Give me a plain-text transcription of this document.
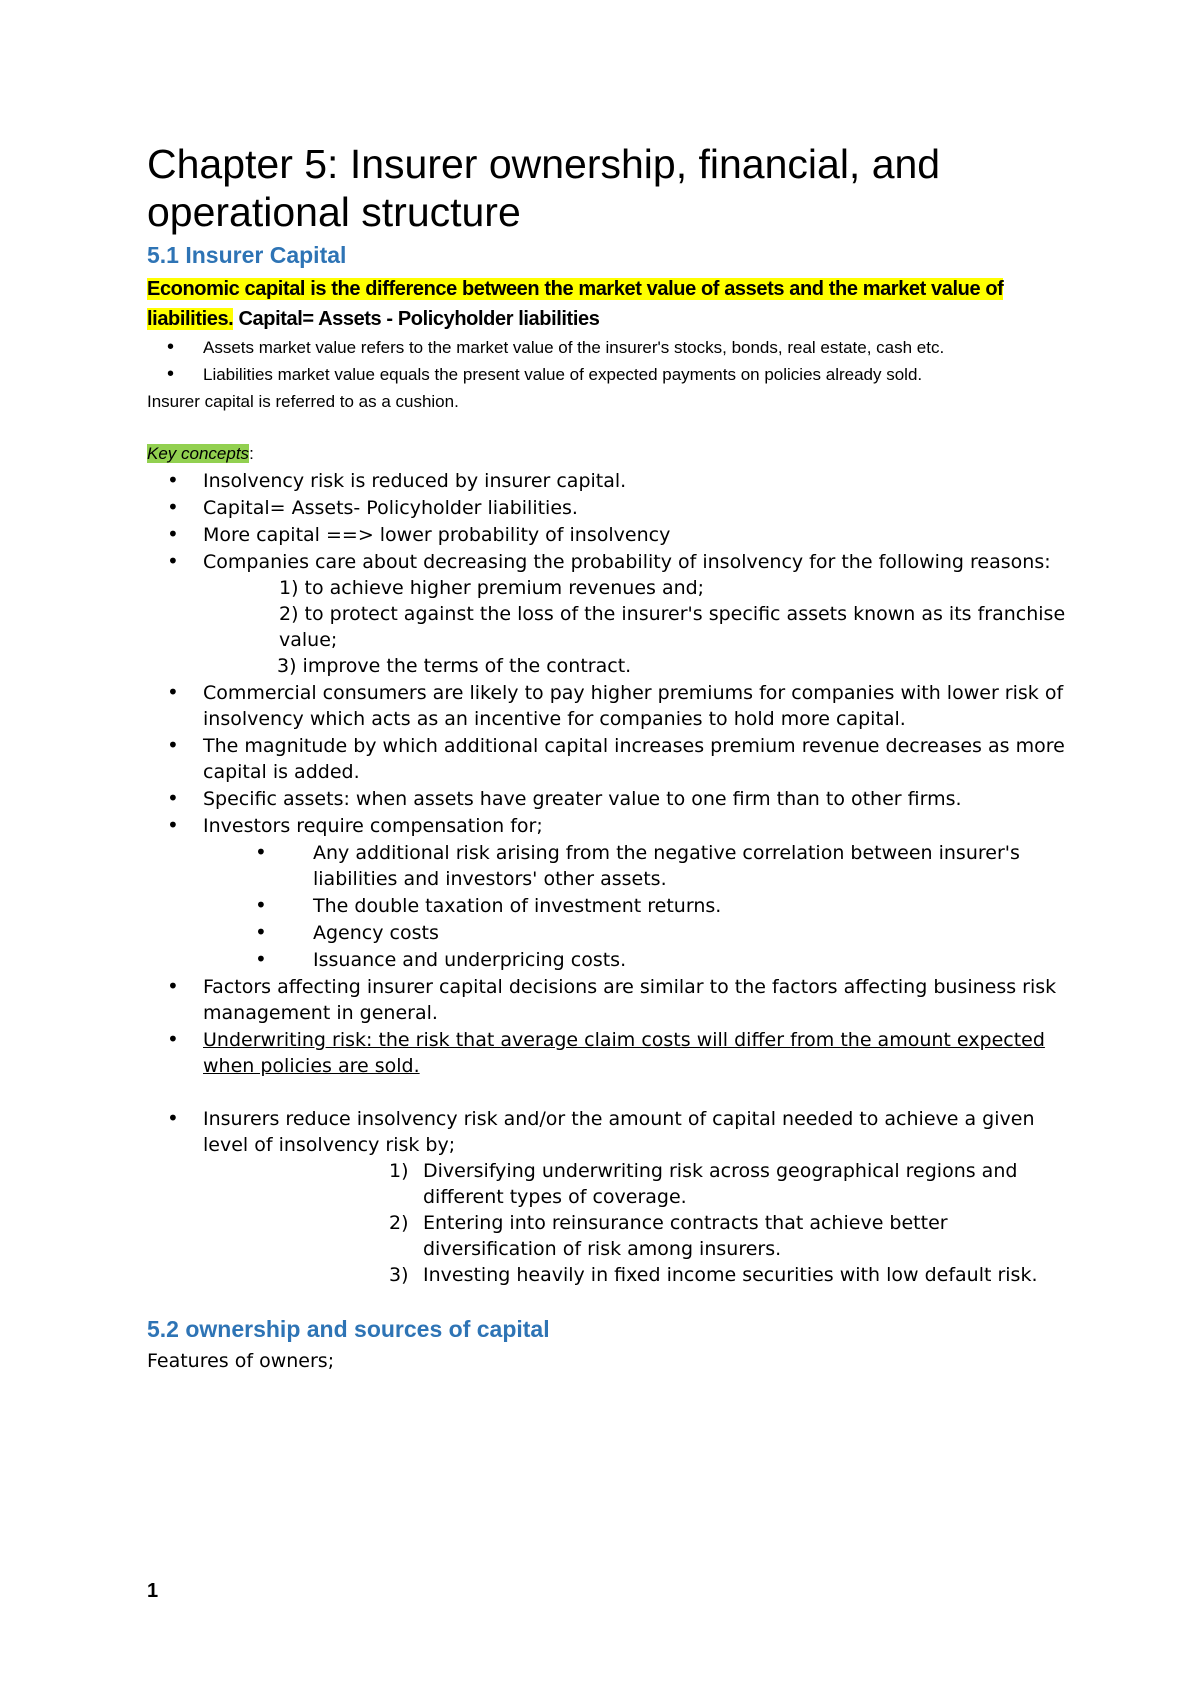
Chapter 5: Insurer ownership, financial, and operational structure
5.1 Insurer Capital
Economic capital is the difference between the market value of assets and the market value of liabilities. Capital= Assets - Policyholder liabilities
• Assets market value refers to the market value of the insurer's stocks, bonds, real estate, cash etc.
• Liabilities market value equals the present value of expected payments on policies already sold.

Insurer capital is referred to as a cushion.

Key concepts:
• Insolvency risk is reduced by insurer capital.
• Capital= Assets- Policyholder liabilities.
• More capital ==> lower probability of insolvency
• Companies care about decreasing the probability of insolvency for the following reasons:
1) to achieve higher premium revenues and;
2) to protect against the loss of the insurer's specific assets known as its franchise value;
3) improve the terms of the contract.
• Commercial consumers are likely to pay higher premiums for companies with lower risk of insolvency which acts as an incentive for companies to hold more capital.
• The magnitude by which additional capital increases premium revenue decreases as more capital is added.
• Specific assets: when assets have greater value to one firm than to other firms.
• Investors require compensation for;
• Any additional risk arising from the negative correlation between insurer's liabilities and investors' other assets.
• The double taxation of investment returns.
• Agency costs
• Issuance and underpricing costs.
• Factors affecting insurer capital decisions are similar to the factors affecting business risk management in general.
• Underwriting risk: the risk that average claim costs will differ from the amount expected when policies are sold.
• Insurers reduce insolvency risk and/or the amount of capital needed to achieve a given level of insolvency risk by;
1) Diversifying underwriting risk across geographical regions and different types of coverage.
2) Entering into reinsurance contracts that achieve better diversification of risk among insurers.
3) Investing heavily in fixed income securities with low default risk.
5.2 ownership and sources of capital

Features of owners;

1
